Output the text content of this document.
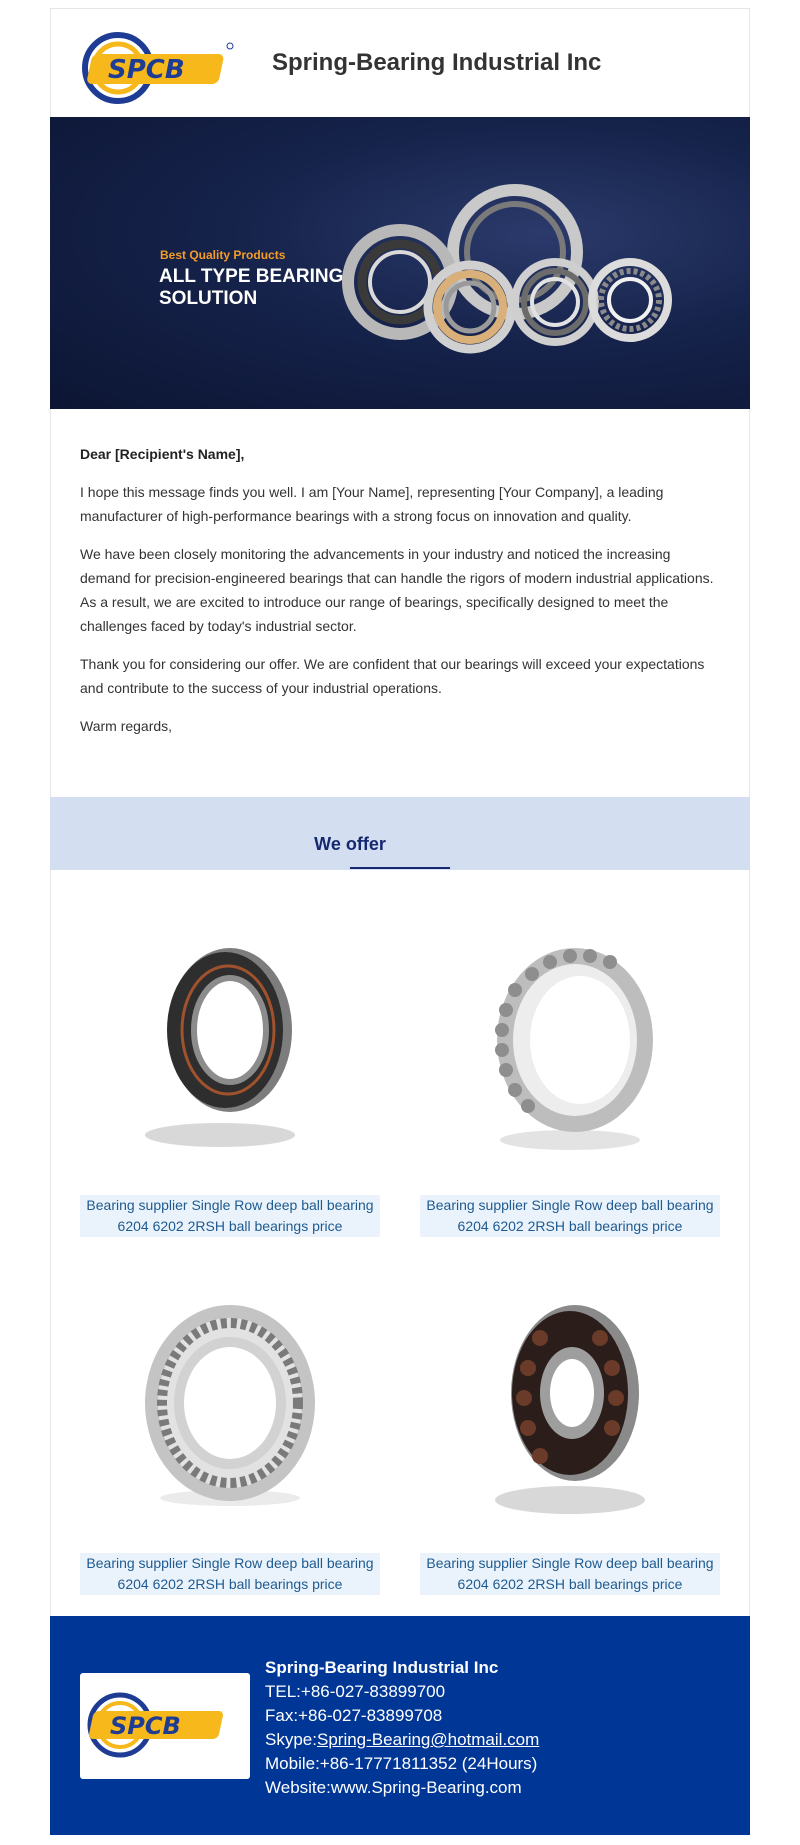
SPCB	Spring-Bearing Industrial Inc
Best Quality Products
ALL TYPE BEARING
SOLUTION

Dear [Recipient's Name],

I hope this message finds you well. I am [Your Name], representing [Your Company], a leading manufacturer of high-performance bearings with a strong focus on innovation and quality.

We have been closely monitoring the advancements in your industry and noticed the increasing demand for precision-engineered bearings that can handle the rigors of modern industrial applications. As a result, we are excited to introduce our range of bearings, specifically designed to meet the challenges faced by today's industrial sector.

Thank you for considering our offer. We are confident that our bearings will exceed your expectations and contribute to the success of your industrial operations.

Warm regards,

We offer
Bearing supplier Single Row deep ball bearing
6204 6202 2RSH ball bearings price
Bearing supplier Single Row deep ball bearing
6204 6202 2RSH ball bearings price
Bearing supplier Single Row deep ball bearing
6204 6202 2RSH ball bearings price
Bearing supplier Single Row deep ball bearing
6204 6202 2RSH ball bearings price
SPCB
Spring-Bearing Industrial Inc
TEL:+86-027-83899700
Fax:+86-027-83899708
Skype:Spring-Bearing@hotmail.com
Mobile:+86-17771811352 (24Hours)
Website:www.Spring-Bearing.com
